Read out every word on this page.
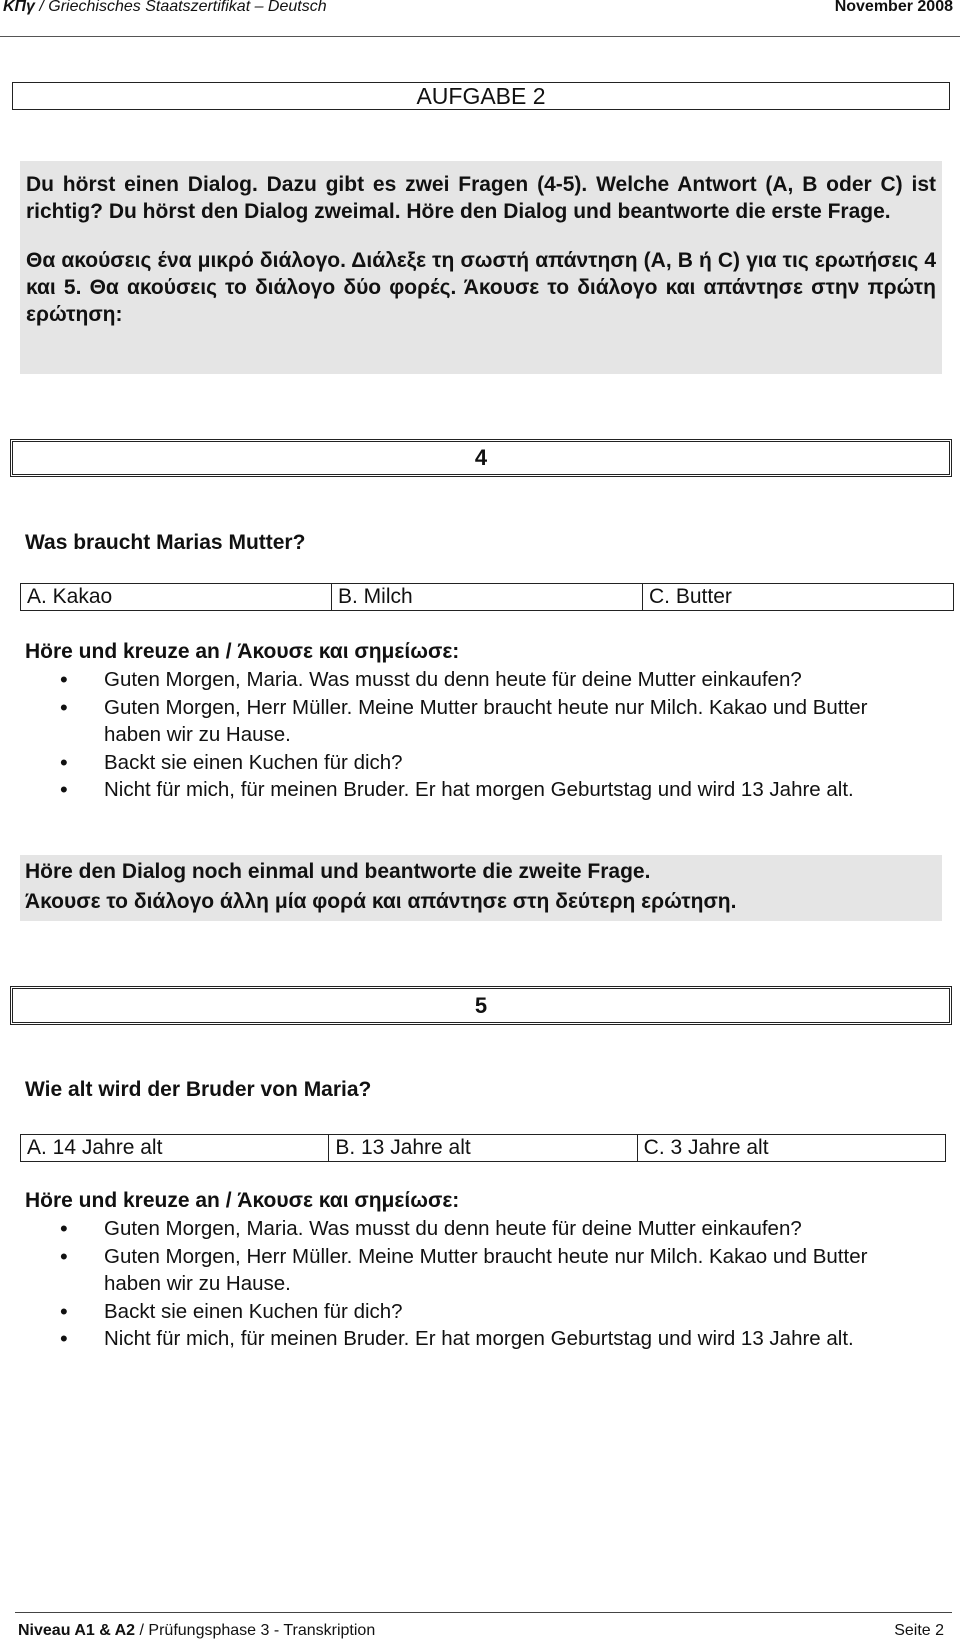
ΚΠγ / Griechisches Staatszertifikat – Deutsch	November 2008
AUFGABE 2

Du hörst einen Dialog. Dazu gibt es zwei Fragen (4-5). Welche Antwort (A, B oder C) ist richtig? Du hörst den Dialog zweimal. Höre den Dialog und beantworte die erste Frage.

Θα ακούσεις ένα μικρό διάλογο. Διάλεξε τη σωστή απάντηση (A, B ή C) για τις ερωτήσεις 4 και 5. Θα ακούσεις το διάλογο δύο φορές. Άκουσε το διάλογο και απάντησε στην πρώτη ερώτηση:

4
Was braucht Marias Mutter?
A. Kakao	B. Milch	C. Butter
Höre und kreuze an / Άκουσε και σημείωσε:
• Guten Morgen, Maria. Was musst du denn heute für deine Mutter einkaufen?
• Guten Morgen, Herr Müller. Meine Mutter braucht heute nur Milch. Kakao und Butter haben wir zu Hause.
• Backt sie einen Kuchen für dich?
• Nicht für mich, für meinen Bruder. Er hat morgen Geburtstag und wird 13 Jahre alt.

Höre den Dialog noch einmal und beantworte die zweite Frage.

Άκουσε το διάλογο άλλη μία φορά και απάντησε στη δεύτερη ερώτηση.

5
Wie alt wird der Bruder von Maria?
A. 14 Jahre alt	B. 13 Jahre alt	C. 3 Jahre alt
Höre und kreuze an / Άκουσε και σημείωσε:
• Guten Morgen, Maria. Was musst du denn heute für deine Mutter einkaufen?
• Guten Morgen, Herr Müller. Meine Mutter braucht heute nur Milch. Kakao und Butter haben wir zu Hause.
• Backt sie einen Kuchen für dich?
• Nicht für mich, für meinen Bruder. Er hat morgen Geburtstag und wird 13 Jahre alt.
Niveau A1 & A2 / Prüfungsphase 3 - Transkription	Seite 2
